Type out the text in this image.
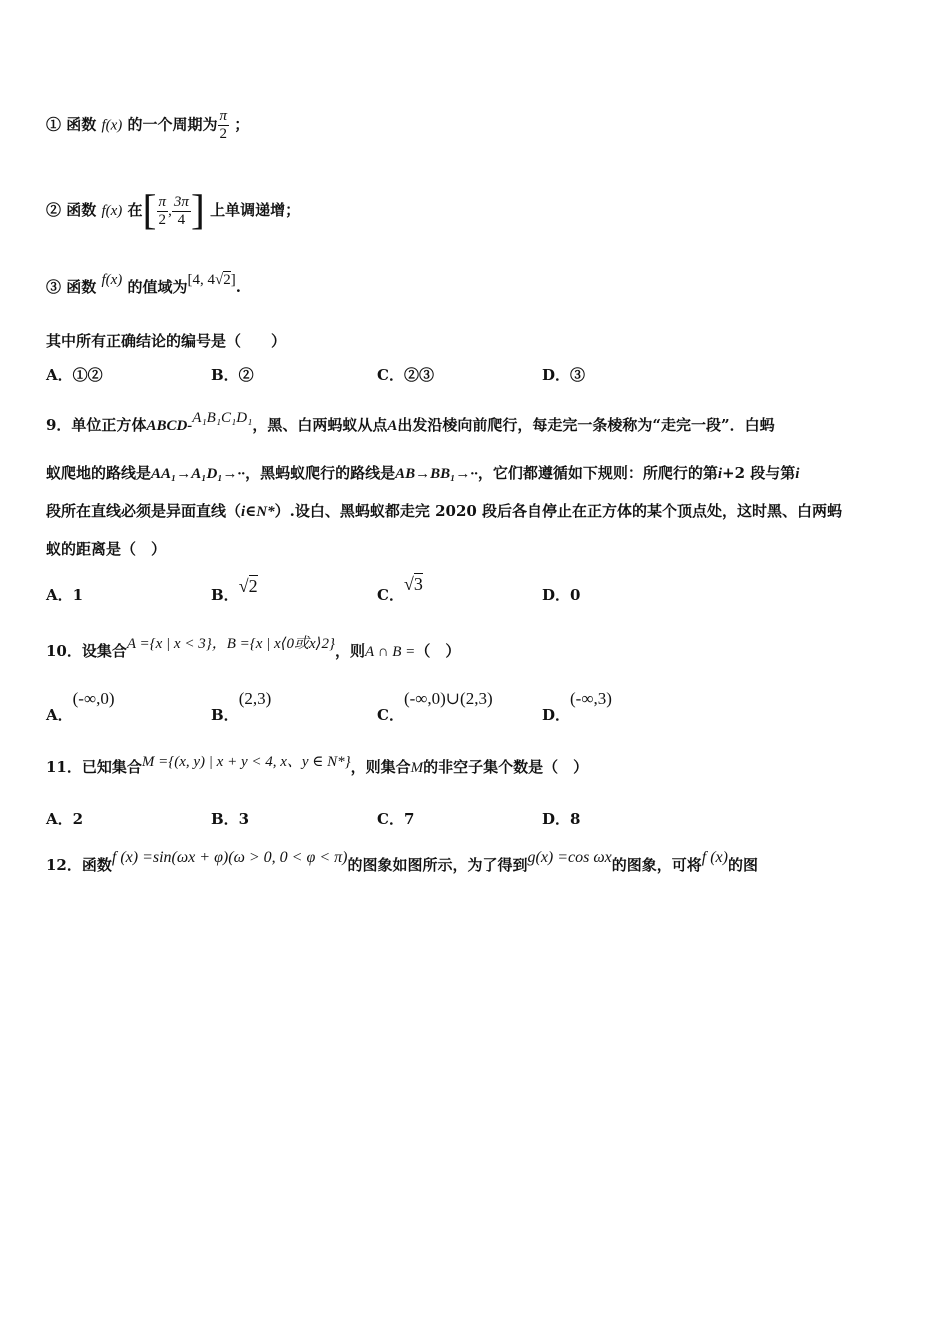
① 函数 f(x) 的一个周期为 $\frac{\pi}{2}$ ；
② 函数 f(x) 在[ $\frac{\pi}{2}$ , $\frac{3\pi}{4}$ ] 上单调递增；
③ 函数 f(x) 的值域为[4, 4√2].
其中所有正确结论的编号是（　　）
A．①②	B．②	C．②③	D．③
9．单位正方体ABCD-A₁B₁C₁D₁，黑、白两蚂蚁从点A出发沿棱向前爬行，每走完一条棱称为“走完一段”．白蚂
蚁爬地的路线是AA₁→A₁D₁→··，黑蚂蚁爬行的路线是AB→BB₁→··，它们都遵循如下规则：所爬行的第i+2 段与第i
段所在直线必须是异面直线（i∈N*）.设白、黑蚂蚁都走完 2020 段后各自停止在正方体的某个顶点处，这时黑、白两蚂
蚁的距离是（　）
A．1	B．√2	C．√3
D．0
10．设集合A ={x | x < 3}，B ={x | x⟨0或x⟩2}，则A ∩ B =（　）
A．(-∞,0)
B．(2,3)
C．(-∞,0)∪(2,3)
D．(-∞,3)
11．已知集合M ={(x, y) | x + y < 4, x、y ∈ N*}，则集合M的非空子集个数是（　）
A．2	B．3	C．7	D．8
12．函数f (x) =sin(ωx + φ)(ω > 0, 0 < φ < π)的图象如图所示，为了得到g(x) =cos ωx的图象，可将f (x)的图
